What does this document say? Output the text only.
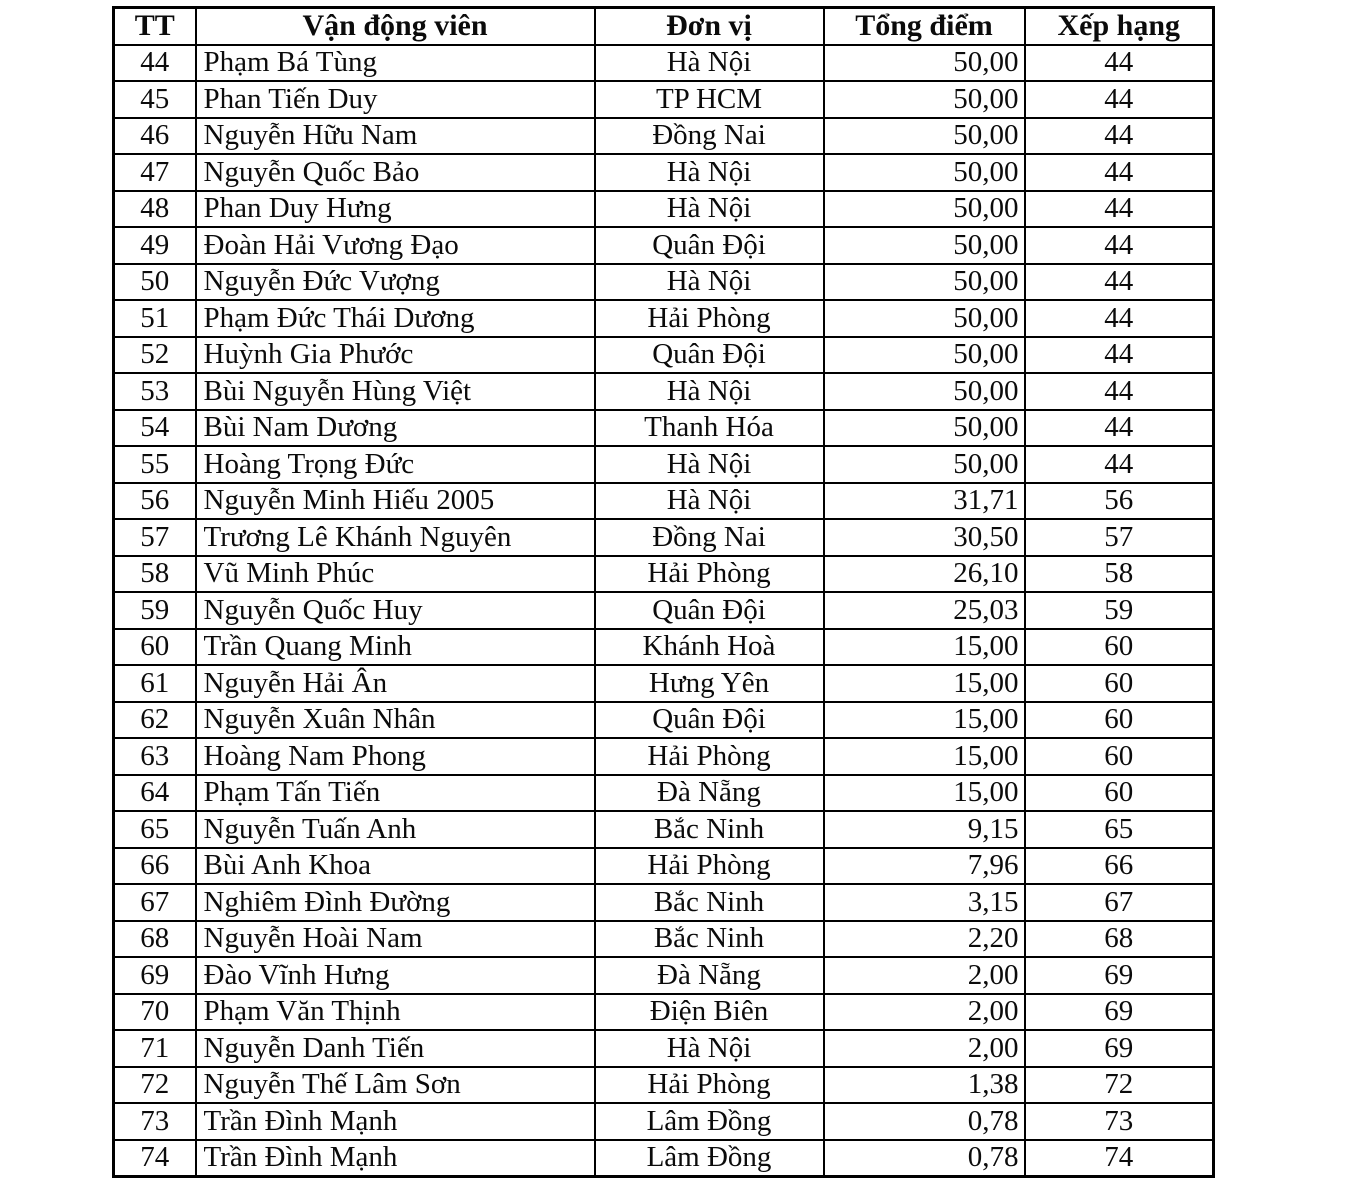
TT	Vận động viên	Đơn vị	Tổng điểm	Xếp hạng
44	Phạm Bá Tùng	Hà Nội	50,00	44
45	Phan Tiến Duy	TP HCM	50,00	44
46	Nguyễn Hữu Nam	Đồng Nai	50,00	44
47	Nguyễn Quốc Bảo	Hà Nội	50,00	44
48	Phan Duy Hưng	Hà Nội	50,00	44
49	Đoàn Hải Vương Đạo	Quân Đội	50,00	44
50	Nguyễn Đức Vượng	Hà Nội	50,00	44
51	Phạm Đức Thái Dương	Hải Phòng	50,00	44
52	Huỳnh Gia Phước	Quân Đội	50,00	44
53	Bùi Nguyễn Hùng Việt	Hà Nội	50,00	44
54	Bùi Nam Dương	Thanh Hóa	50,00	44
55	Hoàng Trọng Đức	Hà Nội	50,00	44
56	Nguyễn Minh Hiếu 2005	Hà Nội	31,71	56
57	Trương Lê Khánh Nguyên	Đồng Nai	30,50	57
58	Vũ Minh Phúc	Hải Phòng	26,10	58
59	Nguyễn Quốc Huy	Quân Đội	25,03	59
60	Trần Quang Minh	Khánh Hoà	15,00	60
61	Nguyễn Hải Ân	Hưng Yên	15,00	60
62	Nguyễn Xuân Nhân	Quân Đội	15,00	60
63	Hoàng Nam Phong	Hải Phòng	15,00	60
64	Phạm Tấn Tiến	Đà Nẵng	15,00	60
65	Nguyễn Tuấn Anh	Bắc Ninh	9,15	65
66	Bùi Anh Khoa	Hải Phòng	7,96	66
67	Nghiêm Đình Đường	Bắc Ninh	3,15	67
68	Nguyễn Hoài Nam	Bắc Ninh	2,20	68
69	Đào Vĩnh Hưng	Đà Nẵng	2,00	69
70	Phạm Văn Thịnh	Điện Biên	2,00	69
71	Nguyễn Danh Tiến	Hà Nội	2,00	69
72	Nguyễn Thế Lâm Sơn	Hải Phòng	1,38	72
73	Trần Đình Mạnh	Lâm Đồng	0,78	73
74	Trần Đình Mạnh	Lâm Đồng	0,78	74
